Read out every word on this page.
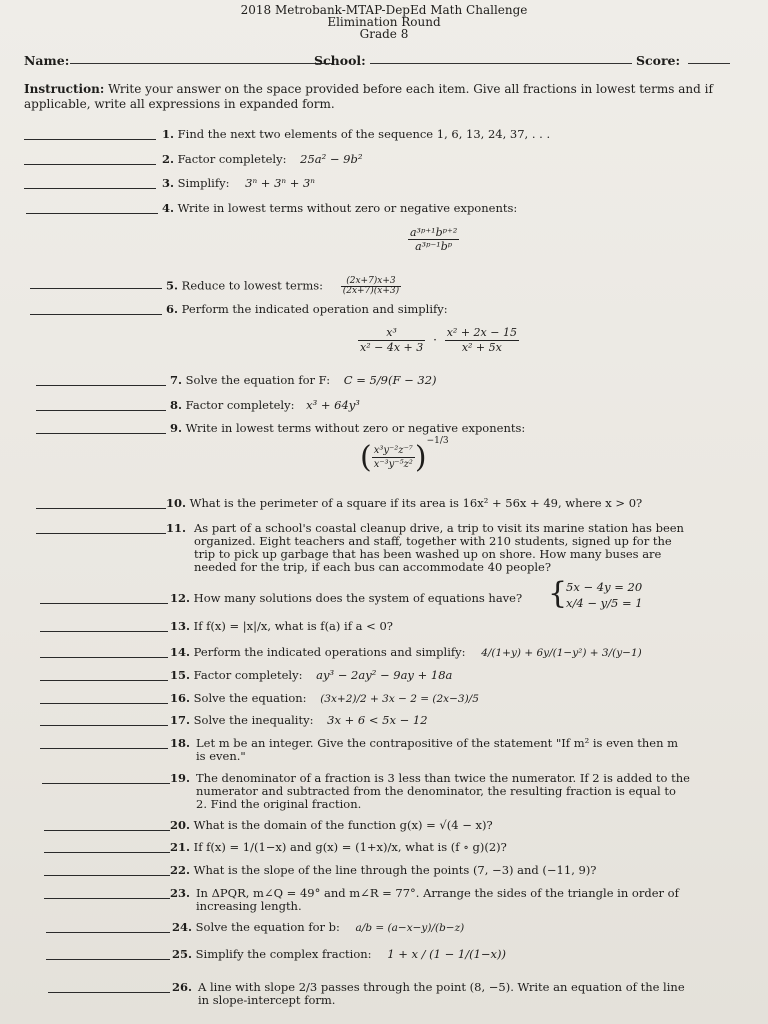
2018 Metrobank-MTAP-DepEd Math Challenge
Elimination Round
Grade 8
Name:	School:	Score:
Instruction: Write your answer on the space provided before each item. Give all fractions in lowest terms and if applicable, write all expressions in expanded form.
1. Find the next two elements of the sequence 1, 6, 13, 24, 37, . . .
2. Factor completely: 25a² − 9b²
3. Simplify: 3ⁿ + 3ⁿ + 3ⁿ
4. Write in lowest terms without zero or negative exponents:
$\frac{\text{a³ᵖ⁺¹bᵖ⁺²}}{\text{a³ᵖ⁻¹bᵖ}}$
5. Reduce to lowest terms: $\frac{(2x+7)x+3}{(2x+7)(x+3)}$
6. Perform the indicated operation and simplify:
$\frac{\text{x³}}{\text{x² − 4x + 3}} \cdot \frac{\text{x² + 2x − 15}}{\text{x² + 5x}}$
7. Solve the equation for F: C = 5/9(F − 32)
8. Factor completely: x³ + 64y³
9. Write in lowest terms without zero or negative exponents:
( $\frac{\text{x³y⁻²z⁻⁷}}{\text{x⁻³y⁻⁵z²}} )^{-1/3}$
10. What is the perimeter of a square if its area is 16x² + 56x + 49, where x > 0?
11. As part of a school's coastal cleanup drive, a trip to visit its marine station has been organized. Eight teachers and staff, together with 210 students, signed up for the trip to pick up garbage that has been washed up on shore. How many buses are needed for the trip, if each bus can accommodate 40 people?
12. How many solutions does the system of equations have? {
5x − 4y = 20
x/4 − y/5 = 1
13. If f(x) = |x|/x, what is f(a) if a < 0?
14. Perform the indicated operations and simplify: 4/(1+y) + 6y/(1−y²) + 3/(y−1)
15. Factor completely: ay³ − 2ay² − 9ay + 18a
16. Solve the equation: (3x+2)/2 + 3x − 2 = (2x−3)/5
17. Solve the inequality: 3x + 6 < 5x − 12
18. Let m be an integer. Give the contrapositive of the statement "If m² is even then m is even."
19. The denominator of a fraction is 3 less than twice the numerator. If 2 is added to the numerator and subtracted from the denominator, the resulting fraction is equal to 2. Find the original fraction.
20. What is the domain of the function g(x) = √(4 − x)?
21. If f(x) = 1/(1−x) and g(x) = (1+x)/x, what is (f ∘ g)(2)?
22. What is the slope of the line through the points (7, −3) and (−11, 9)?
23. In ΔPQR, m∠Q = 49° and m∠R = 77°. Arrange the sides of the triangle in order of increasing length.
24. Solve the equation for b: a/b = (a−x−y)/(b−z)
25. Simplify the complex fraction: 1 + x / (1 − 1/(1−x))
26. A line with slope 2/3 passes through the point (8, −5). Write an equation of the line in slope-intercept form.
